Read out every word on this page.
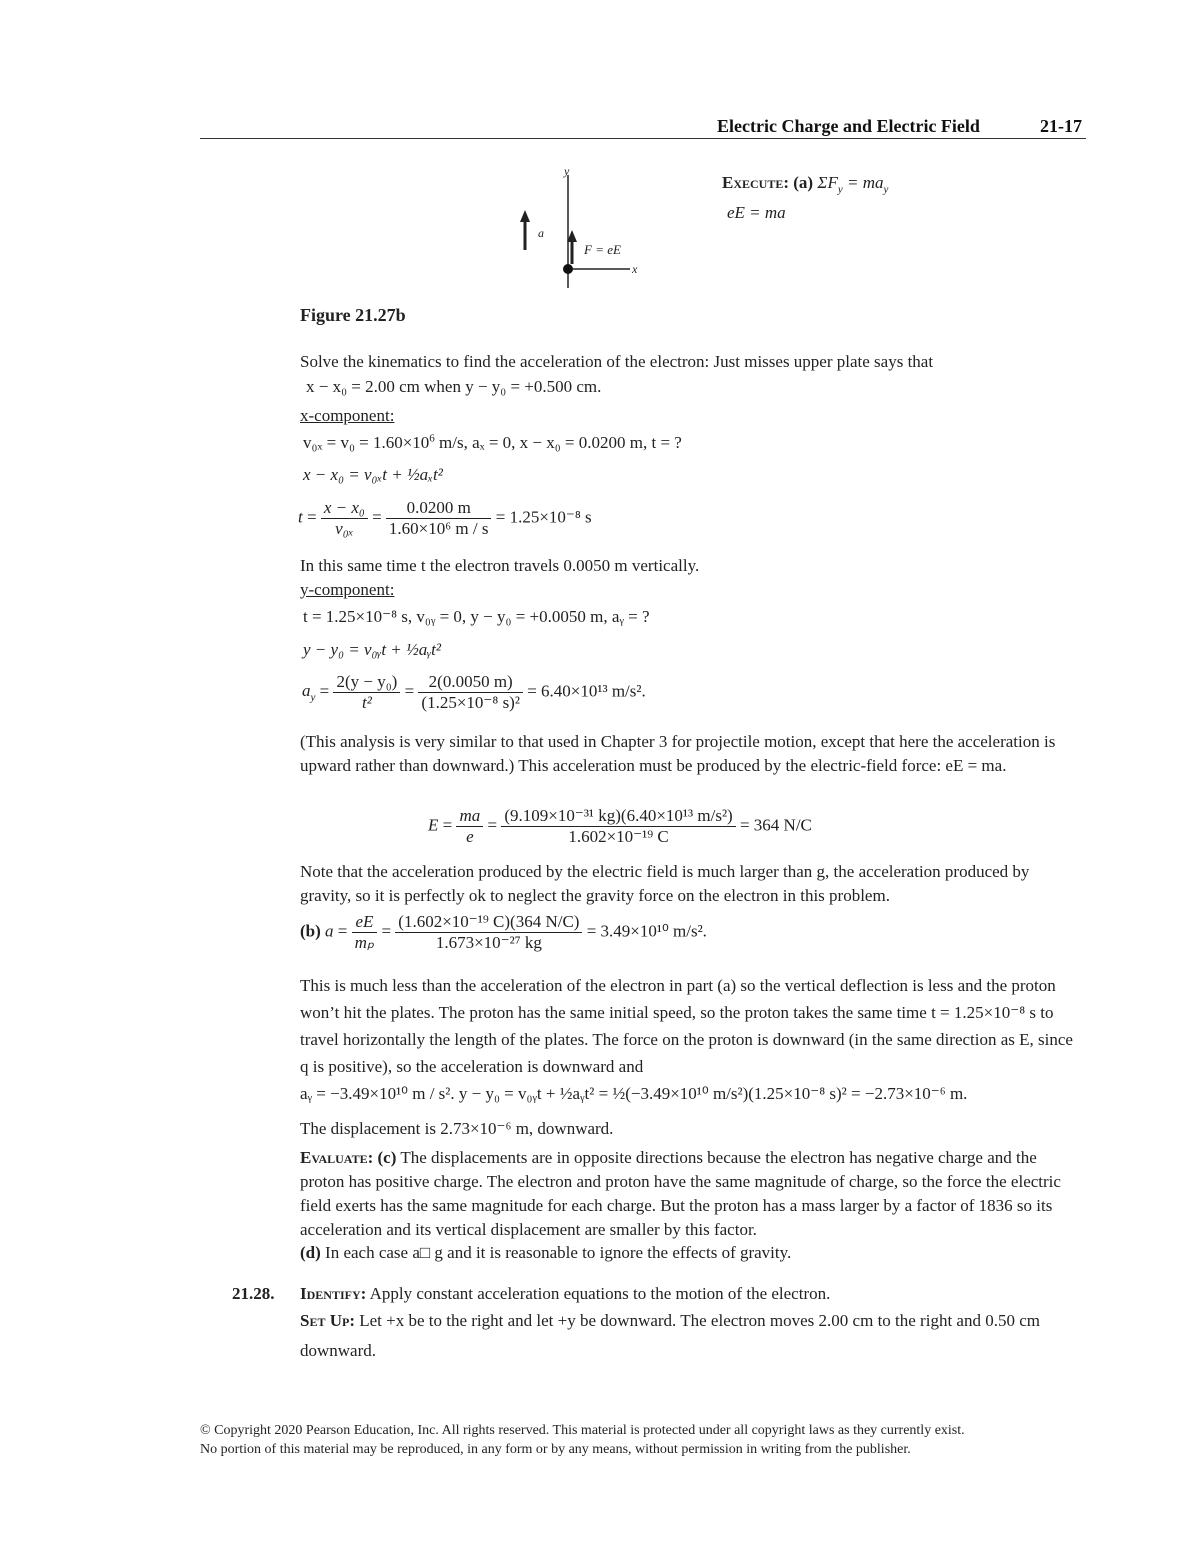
Electric Charge and Electric Field	21-17
y
x
a
F = eE
Figure 21.27b
Execute: (a) $\Sigma F_y = ma_y$
eE = ma
Solve the kinematics to find the acceleration of the electron: Just misses upper plate says that
x − x₀ = 2.00 cm when y − y₀ = +0.500 cm.
x-component:
$v_{0x} = v_0 = 1.60\times 10^6$ m/s, aₓ = 0, x − x₀ = 0.0200 m, t = ?
x − x₀ = v₀ₓt + ½aₓt²
$t = \frac{\text{x − x₀}}{\text{v₀ₓ}} = \frac{0.0200 m}{\text{1.60×10⁶ m / s}} = 1.25\times 10^{-8}$ s
In this same time t the electron travels 0.0050 m vertically.
y-component:
t = 1.25×10⁻⁸ s, v₀ᵧ = 0, y − y₀ = +0.0050 m, aᵧ = ?
y − y₀ = v₀ᵧt + ½aᵧt²
$a_y = \frac{\text{2(y − y₀)}}{\text{t²}} = \frac{2(0.0050 m)}{\text{(1.25×10⁻⁸ s)²}} = 6.40\times 10^{13}$ m/s².
(This analysis is very similar to that used in Chapter 3 for projectile motion, except that here the acceleration is upward rather than downward.) This acceleration must be produced by the electric-field force: eE = ma.
$E = \frac{ma}{e} = \frac{\text{(9.109×10⁻³¹ kg)(6.40×10¹³ m/s²)}}{\text{1.602×10⁻¹⁹ C}} = 364$ N/C
Note that the acceleration produced by the electric field is much larger than g, the acceleration produced by gravity, so it is perfectly ok to neglect the gravity force on the electron in this problem.
(b) $a = \frac{eE}{\text{mₚ}} = \frac{\text{(1.602×10⁻¹⁹ C)(364 N/C)}}{\text{1.673×10⁻²⁷ kg}} = 3.49\times 10^{10}$ m/s².
This is much less than the acceleration of the electron in part (a) so the vertical deflection is less and the proton won’t hit the plates. The proton has the same initial speed, so the proton takes the same time t = 1.25×10⁻⁸ s to travel horizontally the length of the plates. The force on the proton is downward (in the same direction as E, since q is positive), so the acceleration is downward and
aᵧ = −3.49×10¹⁰ m / s². y − y₀ = v₀ᵧt + ½aᵧt² = ½(−3.49×10¹⁰ m/s²)(1.25×10⁻⁸ s)² = −2.73×10⁻⁶ m.
The displacement is 2.73×10⁻⁶ m, downward.
Evaluate: (c) The displacements are in opposite directions because the electron has negative charge and the proton has positive charge. The electron and proton have the same magnitude of charge, so the force the electric field exerts has the same magnitude for each charge. But the proton has a mass larger by a factor of 1836 so its acceleration and its vertical displacement are smaller by this factor.
(d) In each case a□ g and it is reasonable to ignore the effects of gravity.
21.28. Identify: Apply constant acceleration equations to the motion of the electron.
Set Up: Let +x be to the right and let +y be downward. The electron moves 2.00 cm to the right and 0.50 cm downward.
© Copyright 2020 Pearson Education, Inc. All rights reserved. This material is protected under all copyright laws as they currently exist.
No portion of this material may be reproduced, in any form or by any means, without permission in writing from the publisher.
